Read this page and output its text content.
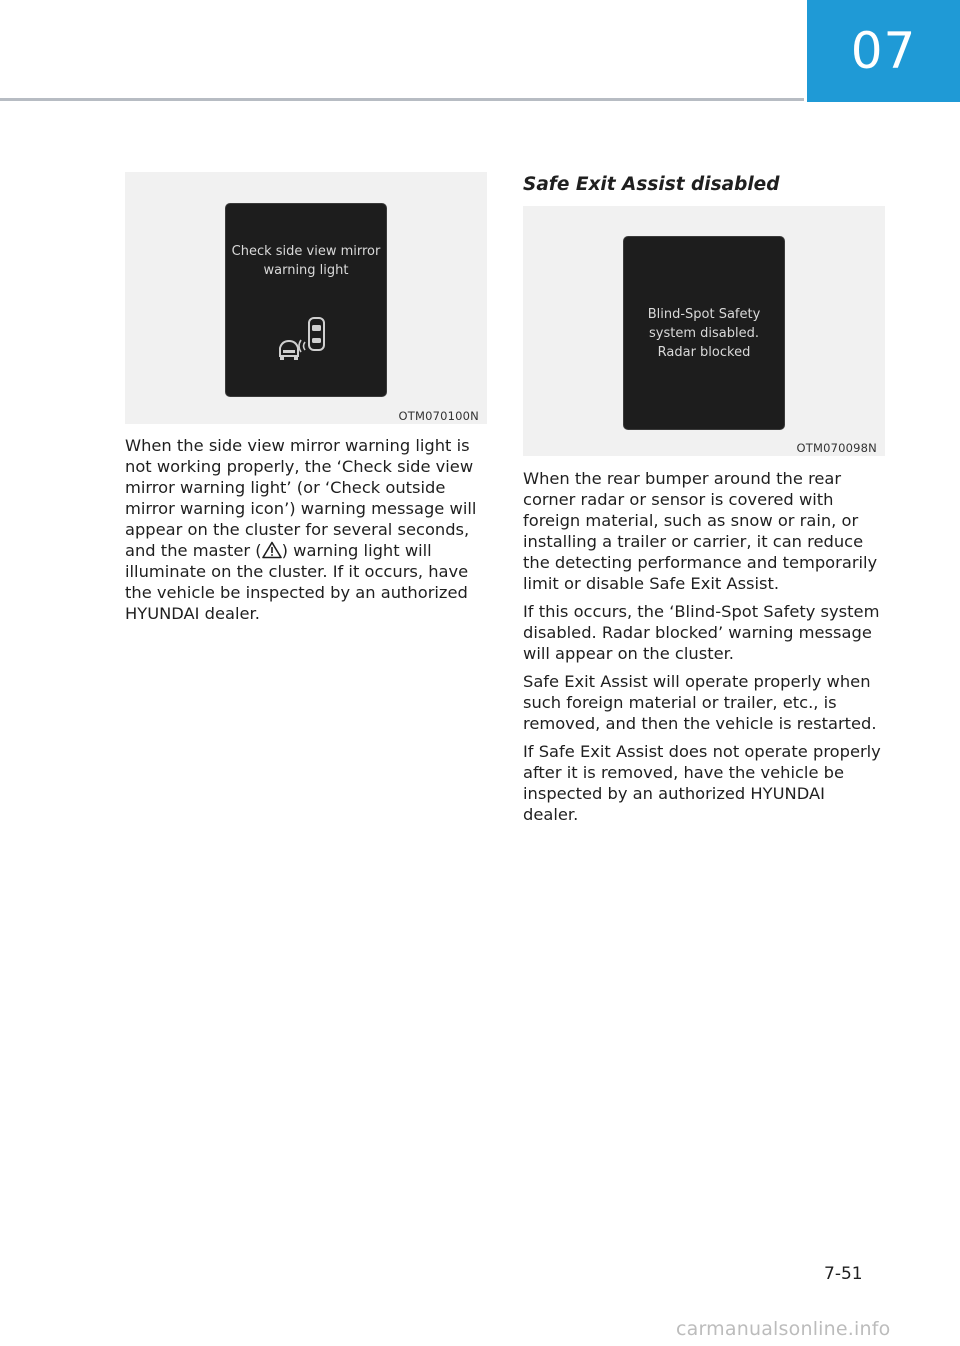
07
Check side view mirror
warning light
OTM070100N

When the side view mirror warning light is not working properly, the ‘Check side view mirror warning light’ (or ‘Check outside mirror warning icon’) warning message will appear on the cluster for several seconds, and the master ( ) warning light will illuminate on the cluster. If it occurs, have the vehicle be inspected by an authorized HYUNDAI dealer.

Safe Exit Assist disabled
Blind-Spot Safety
system disabled.
Radar blocked
OTM070098N

When the rear bumper around the rear corner radar or sensor is covered with foreign material, such as snow or rain, or installing a trailer or carrier, it can reduce the detecting performance and temporarily limit or disable Safe Exit Assist.

If this occurs, the ‘Blind-Spot Safety system disabled. Radar blocked’ warning message will appear on the cluster.

Safe Exit Assist will operate properly when such foreign material or trailer, etc., is removed, and then the vehicle is restarted.

If Safe Exit Assist does not operate properly after it is removed, have the vehicle be inspected by an authorized HYUNDAI dealer.

7-51
carmanualsonline.info
